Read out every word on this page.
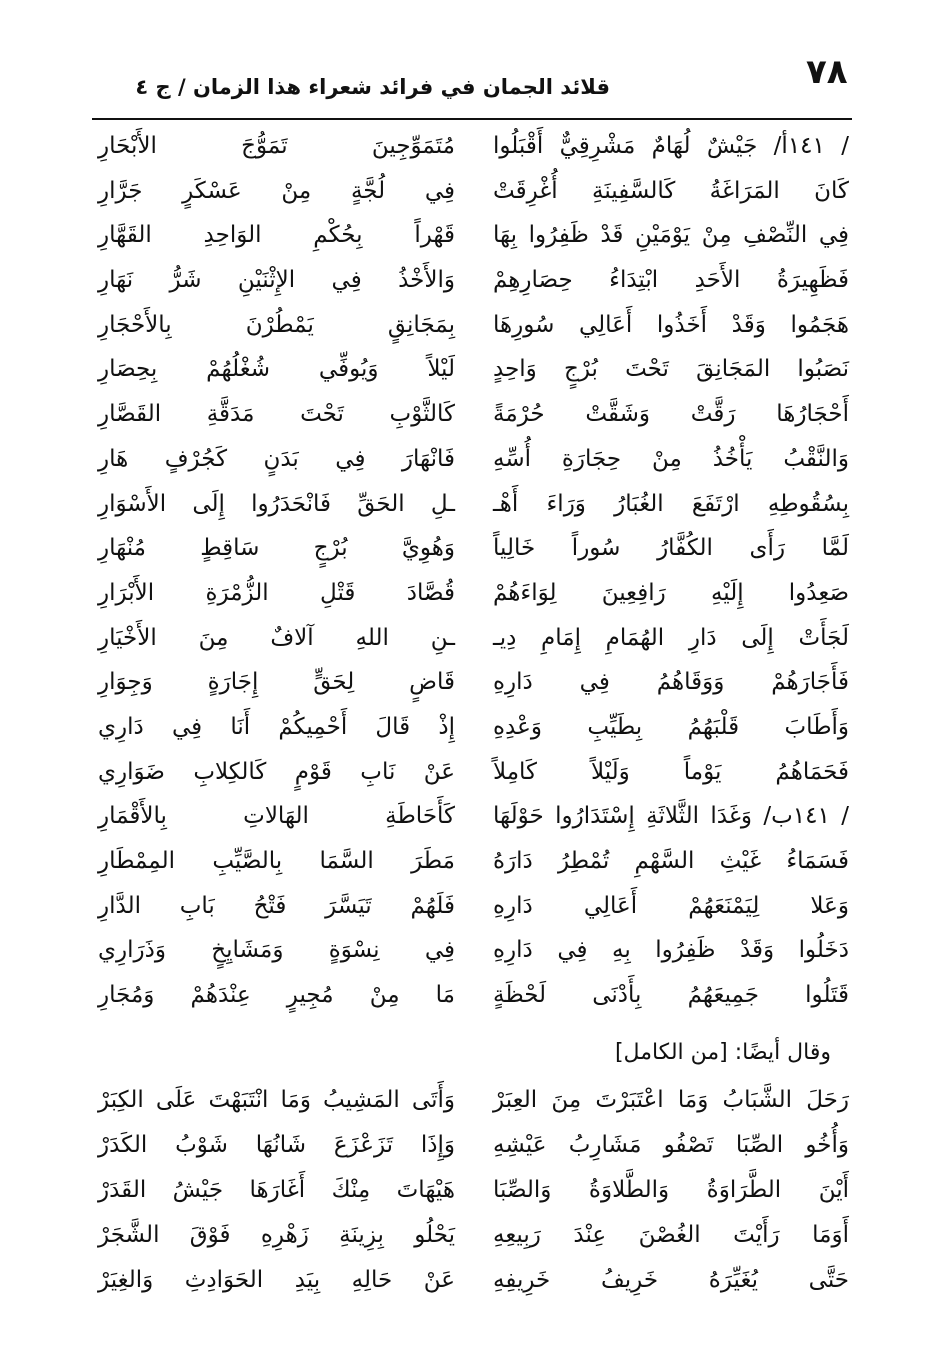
٧٨
قلائد الجمان في فرائد شعراء هذا الزمان / ج ٤
/ ١٤١أ/ جَيْشٌ لُهَامٌ مَشْرِقِيٌّ أَقْبَلُوا
كَانَ المَرَاغَةُ كَالسَّفِينَةِ أُغْرِقَتْ
فِي النِّصْفِ مِنْ يَوْمَيْنِ قَدْ ظَفِرُوا بِهَا
فَظَهِيرَةُ الأَحَدِ ابْتِدَاءُ حِصَارِهِمْ
هَجَمُوا وَقَدْ أَخَذُوا أَعَالِي سُورِهَا
نَصَبُوا المَجَانِقَ تَحْتَ بُرْجٍ وَاحِدٍ
أَحْجَارُهَا رَقَّتْ وَشَقَّتْ حُرْمَةً
وَالنَّقْبُ يَأْخُذُ مِنْ حِجَارَةِ أُسِّهِ
بِسُقُوطِهِ ارْتَفَعَ الغُبَارُ وَرَاءَ أَهْـ
لَمَّا رَأَى الكُفَّارُ سُوراً خَالِياً
صَعِدُوا إِلَيْهِ رَافِعِينَ لِوَاءَهُمْ
لَجَأَتْ إِلَى دَارِ الهُمَامِ إِمَامِ دِيـ
فَأَجَارَهُمْ وَوَقَاهُمُ فِي دَارِهِ
وَأَطَابَ قَلْبَهُمُ بِطَيِّبِ وَعْدِهِ
فَحَمَاهُمُ يَوْماً وَلَيْلاً كَامِلاً
/ ١٤١ب/ وَغَدَا الثَّلاثَةِ إِسْتَدَارُوا حَوْلَهَا
فَسَمَاءُ غَيْثِ السَّهْمِ تُمْطِرُ دَارَهُ
وَعَلا لِيَمْنَعَهُمْ أَعَالِي دَارِهِ
دَخَلُوا وَقَدْ ظَفِرُوا بِهِ فِي دَارِهِ
قَتَلُوا جَمِيعَهُمُ بِأَدْنَى لَحْظَةٍ
مُتَمَوِّجِينَ تَمَوُّجَ الأَبْحَارِ
فِي لُجَّةٍ مِنْ عَسْكَرٍ جَرَّارِ
قَهْراً بِحُكْمِ الوَاحِدِ القَهَّارِ
وَالأَخْذُ فِي الإِثْنَيْنِ شَرُّ نَهَارِ
بِمَجَانِقٍ يَمْطُرْنَ بِالأَحْجَارِ
لَيْلاً وَيُوفِّي شُغْلُهُمْ بِحِصَارِ
كَالثَّوْبِ تَحْتَ مَدَقَّةِ القَصَّارِ
فَانْهَارَ فِي بَدَنٍ كَجُرْفٍ هَارِ
ـلِ الحَقِّ فَانْحَدَرُوا إِلَى الأَسْوَارِ
وَهُوِيَّ بُرْجٍ سَاقِطٍ مُنْهَارِ
قُصَّادَ قَتْلِ الزُّمْرَةِ الأَبْرَارِ
ـنِ اللهِ آلافٌ مِنَ الأَخْيَارِ
قَاضٍ لِحَقٍّ إِجَارَةٍ وَجِوَارِ
إِذْ قَالَ أَحْمِيكُمْ أَنَا فِي دَارِي
عَنْ نَابِ قَوْمٍ كَالكِلابِ ضَوَارِي
كَأَحَاطَةِ الهَالاتِ بِالأَقْمَارِ
مَطَرَ السَّمَا بِالصَّيِّبِ المِمْطَارِ
فَلَهُمْ تَيَسَّرَ فَتْحُ بَابِ الدَّارِ
فِي نِسْوَةٍ وَمَشَايِخٍ وَذَرَارِي
مَا مِنْ مُجِيرٍ عِنْدَهُمْ وَمُجَارِ
وقال أيضًا: [من الكامل]
رَحَلَ الشَّبَابُ وَمَا اعْتَبَرْتَ مِنَ العِبَرْ
وَأُخُو الصِّبَا تَصْفُو مَشَارِبُ عَيْشِهِ
أَيْنَ الطَّرَاوَةُ وَالطَّلاوَةُ وَالصِّبَا
أَوَمَا رَأَيْتَ الغُصْنَ عِنْدَ رَبِيعِهِ
حَتَّى يُغَيِّرَهُ خَرِيفُ خَرِيفِهِ
وَأَتَى المَشِيبُ وَمَا انْتَبَهْتَ عَلَى الكِبَرْ
وَإِذَا تَزَعْزَعَ شَانُهَا شَوْبُ الكَدَرْ
هَيْهَاتَ مِنْكَ أَغَارَهَا جَيْشُ القَدَرْ
يَحْلُو بِزِينَةِ زَهْرِهِ فَوْقَ الشَّجَرْ
عَنْ حَالِهِ بِيَدِ الحَوَادِثِ وَالغِيَرْ
